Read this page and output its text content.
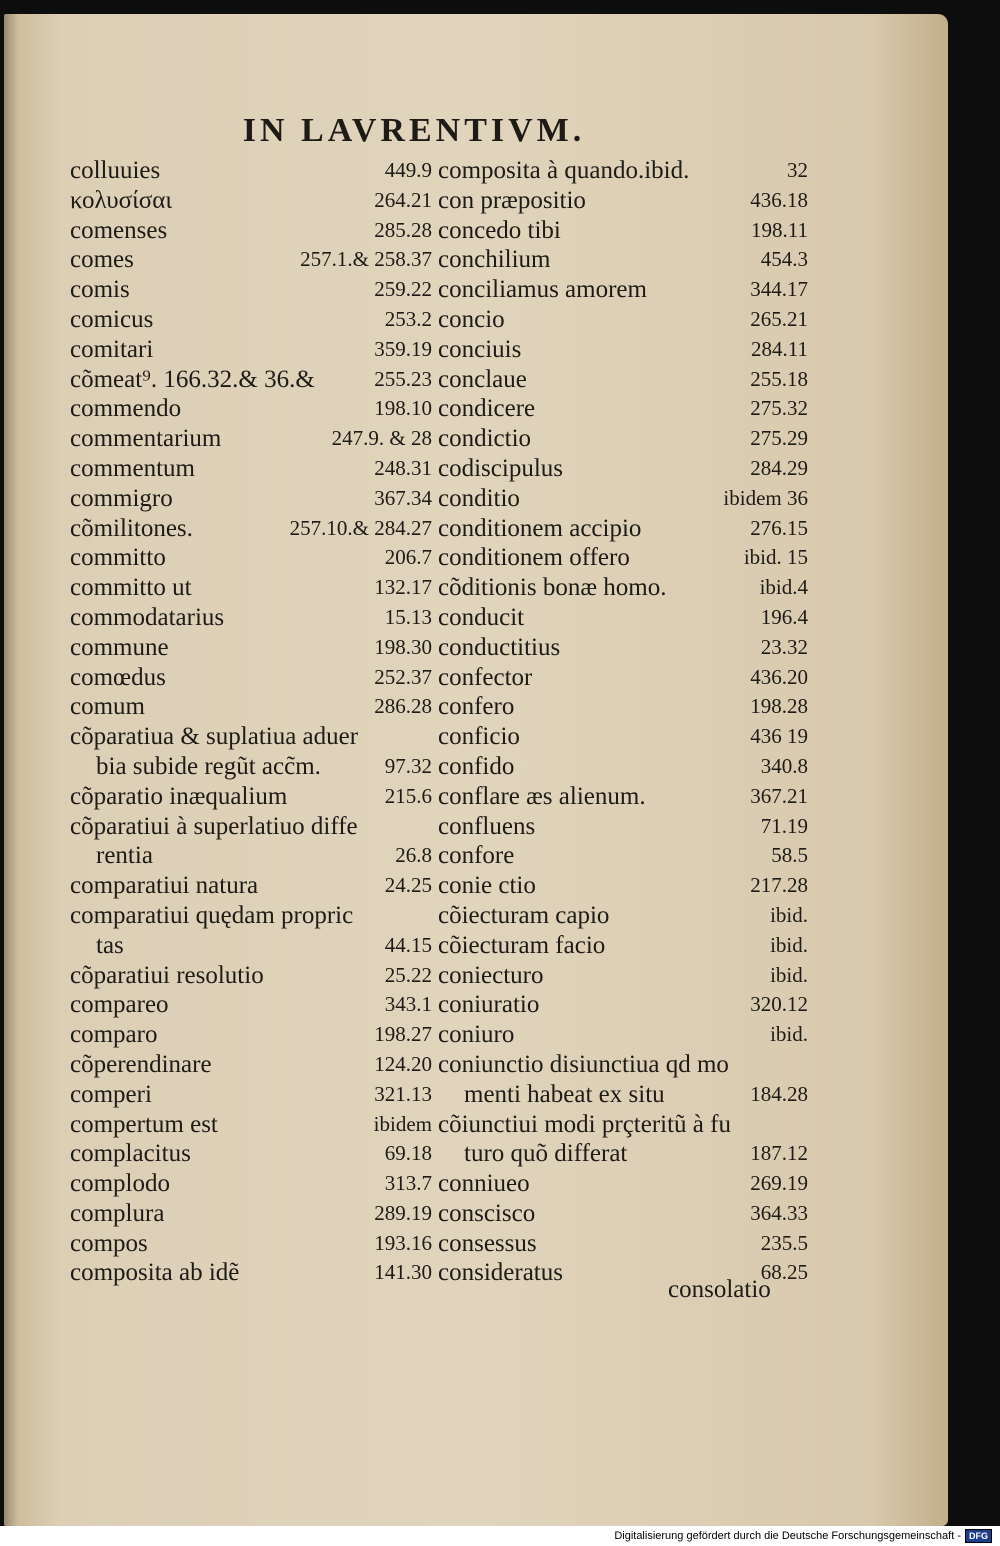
IN LAVRENTIVM.
colluuies	449.9
κολυσίσαι	264.21
comenses	285.28
comes	257.1.& 258.37
comis	259.22
comicus	253.2
comitari	359.19
cõmeat⁹. 166.32.& 36.&	255.23
commendo	198.10
commentarium	247.9. & 28
commentum	248.31
commigro	367.34
cõmilitones.	257.10.& 284.27
committo	206.7
committo ut	132.17
commodatarius	15.13
commune	198.30
comœdus	252.37
comum	286.28
cõparatiua & suplatiua aduer
bia subide regũt acc̃m.	97.32
cõparatio inæqualium	215.6
cõparatiui à superlatiuo diffe
rentia	26.8
comparatiui natura	24.25
comparatiui quędam propric
tas	44.15
cõparatiui resolutio	25.22
compareo	343.1
comparo	198.27
cõperendinare	124.20
comperi	321.13
compertum est	ibidem
complacitus	69.18
complodo	313.7
complura	289.19
compos	193.16
composita ab idẽ	141.30
composita à quando.ibid.	32
con præpositio	436.18
concedo tibi	198.11
conchilium	454.3
conciliamus amorem	344.17
concio	265.21
conciuis	284.11
conclaue	255.18
condicere	275.32
condictio	275.29
codiscipulus	284.29
conditio	ibidem 36
conditionem accipio	276.15
conditionem offero	ibid. 15
cõditionis bonæ homo.	ibid.4
conducit	196.4
conductitius	23.32
confector	436.20
confero	198.28
conficio	436 19
confido	340.8
conflare æs alienum.	367.21
confluens	71.19
confore	58.5
conie ctio	217.28
cõiecturam capio	ibid.
cõiecturam facio	ibid.
coniecturo	ibid.
coniuratio	320.12
coniuro	ibid.
coniunctio disiunctiua qd mo
menti habeat ex situ	184.28
cõiunctiui modi prçteritũ à fu
turo quõ differat	187.12
conniueo	269.19
conscisco	364.33
consessus	235.5
consideratus	68.25
consolatio
Digitalisierung gefördert durch die Deutsche Forschungsgemeinschaft - DFG
